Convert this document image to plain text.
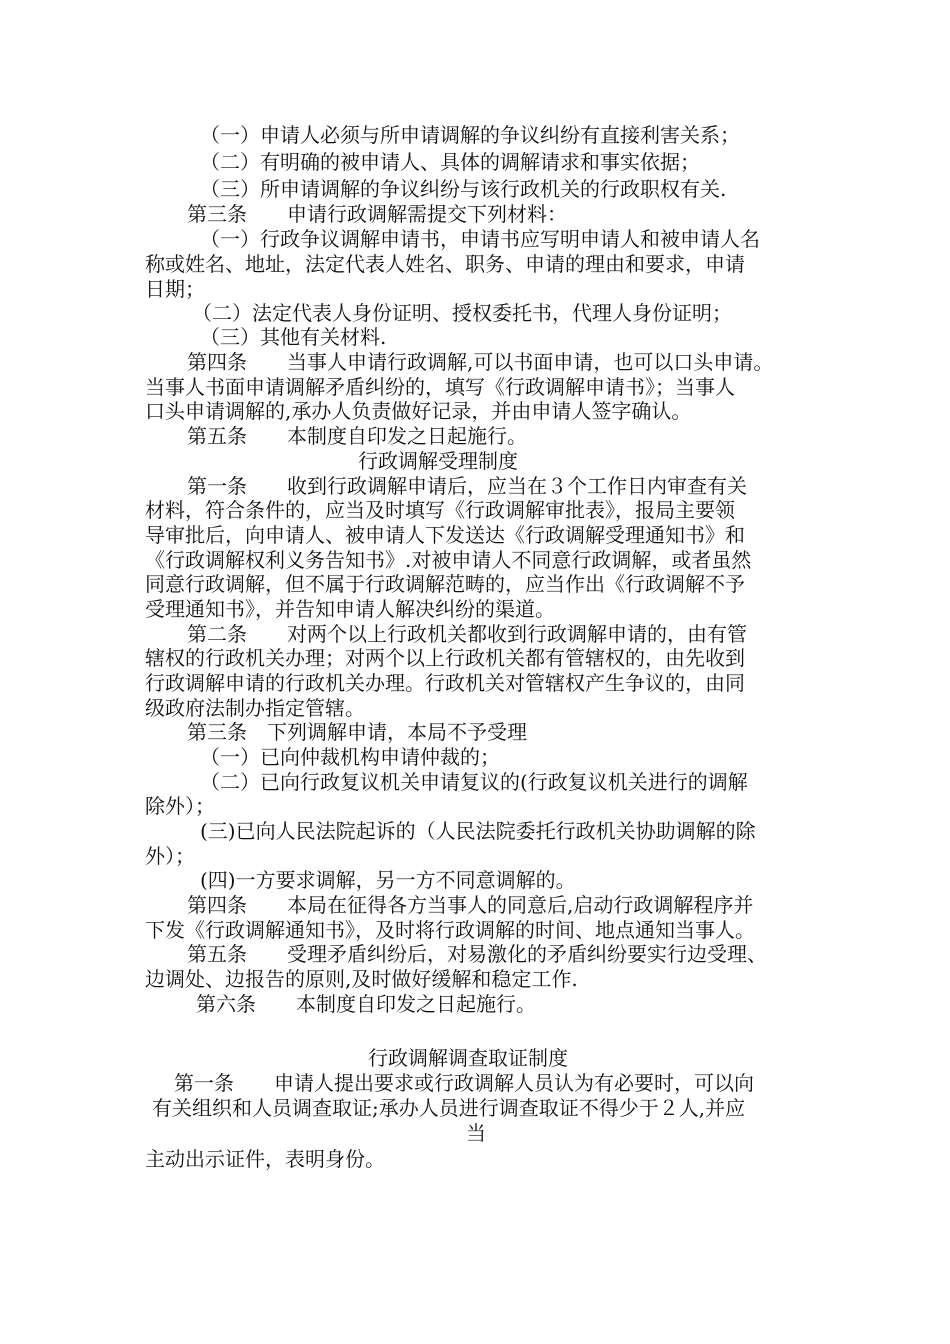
（一）申请人必须与所申请调解的争议纠纷有直接利害关系；
（二）有明确的被申请人、具体的调解请求和事实依据；
（三）所申请调解的争议纠纷与该行政机关的行政职权有关.
第三条　　申请行政调解需提交下列材料：
（一）行政争议调解申请书，申请书应写明申请人和被申请人名
称或姓名、地址，法定代表人姓名、职务、申请的理由和要求，申请
日期；
（二）法定代表人身份证明、授权委托书，代理人身份证明；
（三）其他有关材料.
第四条　　当事人申请行政调解,可以书面申请，也可以口头申请。
当事人书面申请调解矛盾纠纷的，填写《行政调解申请书》；当事人
口头申请调解的,承办人负责做好记录，并由申请人签字确认。
第五条　　本制度自印发之日起施行。
行政调解受理制度
第一条　　收到行政调解申请后，应当在３个工作日内审查有关
材料，符合条件的，应当及时填写《行政调解审批表》，报局主要领
导审批后，向申请人、被申请人下发送达《行政调解受理通知书》和
《行政调解权利义务告知书》.对被申请人不同意行政调解，或者虽然
同意行政调解，但不属于行政调解范畴的，应当作出《行政调解不予
受理通知书》，并告知申请人解决纠纷的渠道。
第二条　　对两个以上行政机关都收到行政调解申请的，由有管
辖权的行政机关办理；对两个以上行政机关都有管辖权的，由先收到
行政调解申请的行政机关办理。行政机关对管辖权产生争议的，由同
级政府法制办指定管辖。
第三条　下列调解申请，本局不予受理
（一）已向仲裁机构申请仲裁的；
（二）已向行政复议机关申请复议的(行政复议机关进行的调解
除外）；
(三)已向人民法院起诉的（人民法院委托行政机关协助调解的除
外）；
(四)一方要求调解，另一方不同意调解的。
第四条　　本局在征得各方当事人的同意后,启动行政调解程序并
下发《行政调解通知书》，及时将行政调解的时间、地点通知当事人。
第五条　　受理矛盾纠纷后，对易激化的矛盾纠纷要实行边受理、
边调处、边报告的原则,及时做好缓解和稳定工作.
第六条　　本制度自印发之日起施行。
行政调解调查取证制度
第一条　　申请人提出要求或行政调解人员认为有必要时，可以向
有关组织和人员调查取证;承办人员进行调查取证不得少于２人,并应
当
主动出示证件，表明身份。
